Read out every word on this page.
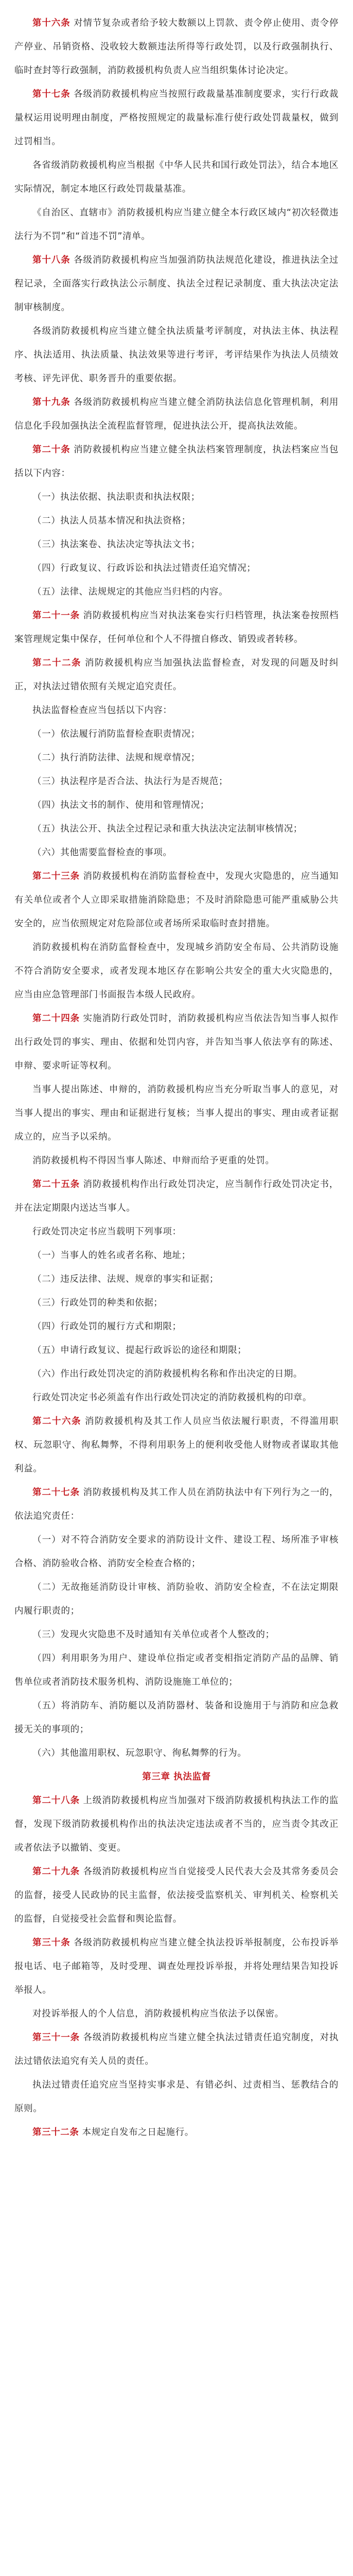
第十六条 对情节复杂或者给予较大数额以上罚款、责令停止使用、责令停产停业、吊销资格、没收较大数额违法所得等行政处罚，以及行政强制执行、临时查封等行政强制，消防救援机构负责人应当组织集体讨论决定。

第十七条 各级消防救援机构应当按照行政裁量基准制度要求，实行行政裁量权运用说明理由制度，严格按照规定的裁量标准行使行政处罚裁量权，做到过罚相当。

各省级消防救援机构应当根据《中华人民共和国行政处罚法》，结合本地区实际情况，制定本地区行政处罚裁量基准。

《自治区、直辖市》消防救援机构应当建立健全本行政区域内“初次轻微违法行为不罚”和“首违不罚”清单。

第十八条 各级消防救援机构应当加强消防执法规范化建设，推进执法全过程记录，全面落实行政执法公示制度、执法全过程记录制度、重大执法决定法制审核制度。

各级消防救援机构应当建立健全执法质量考评制度，对执法主体、执法程序、执法适用、执法质量、执法效果等进行考评，考评结果作为执法人员绩效考核、评先评优、职务晋升的重要依据。

第十九条 各级消防救援机构应当建立健全消防执法信息化管理机制，利用信息化手段加强执法全流程监督管理，促进执法公开，提高执法效能。

第二十条 消防救援机构应当建立健全执法档案管理制度，执法档案应当包括以下内容：

（一）执法依据、执法职责和执法权限；

（二）执法人员基本情况和执法资格；

（三）执法案卷、执法决定等执法文书；

（四）行政复议、行政诉讼和执法过错责任追究情况；

（五）法律、法规规定的其他应当归档的内容。

第二十一条 消防救援机构应当对执法案卷实行归档管理，执法案卷按照档案管理规定集中保存，任何单位和个人不得擅自修改、销毁或者转移。

第二十二条 消防救援机构应当加强执法监督检查，对发现的问题及时纠正，对执法过错依照有关规定追究责任。

执法监督检查应当包括以下内容：

（一）依法履行消防监督检查职责情况；

（二）执行消防法律、法规和规章情况；

（三）执法程序是否合法、执法行为是否规范；

（四）执法文书的制作、使用和管理情况；

（五）执法公开、执法全过程记录和重大执法决定法制审核情况；

（六）其他需要监督检查的事项。

第二十三条 消防救援机构在消防监督检查中，发现火灾隐患的，应当通知有关单位或者个人立即采取措施消除隐患；不及时消除隐患可能严重威胁公共安全的，应当依照规定对危险部位或者场所采取临时查封措施。

消防救援机构在消防监督检查中，发现城乡消防安全布局、公共消防设施不符合消防安全要求，或者发现本地区存在影响公共安全的重大火灾隐患的，应当由应急管理部门书面报告本级人民政府。

第二十四条 实施消防行政处罚时，消防救援机构应当依法告知当事人拟作出行政处罚的事实、理由、依据和处罚内容，并告知当事人依法享有的陈述、申辩、要求听证等权利。

当事人提出陈述、申辩的，消防救援机构应当充分听取当事人的意见，对当事人提出的事实、理由和证据进行复核；当事人提出的事实、理由或者证据成立的，应当予以采纳。

消防救援机构不得因当事人陈述、申辩而给予更重的处罚。

第二十五条 消防救援机构作出行政处罚决定，应当制作行政处罚决定书，并在法定期限内送达当事人。

行政处罚决定书应当载明下列事项：

（一）当事人的姓名或者名称、地址；

（二）违反法律、法规、规章的事实和证据；

（三）行政处罚的种类和依据；

（四）行政处罚的履行方式和期限；

（五）申请行政复议、提起行政诉讼的途径和期限；

（六）作出行政处罚决定的消防救援机构名称和作出决定的日期。

行政处罚决定书必须盖有作出行政处罚决定的消防救援机构的印章。

第二十六条 消防救援机构及其工作人员应当依法履行职责，不得滥用职权、玩忽职守、徇私舞弊，不得利用职务上的便利收受他人财物或者谋取其他利益。

第二十七条 消防救援机构及其工作人员在消防执法中有下列行为之一的，依法追究责任：

（一）对不符合消防安全要求的消防设计文件、建设工程、场所准予审核合格、消防验收合格、消防安全检查合格的；

（二）无故拖延消防设计审核、消防验收、消防安全检查，不在法定期限内履行职责的；

（三）发现火灾隐患不及时通知有关单位或者个人整改的；

（四）利用职务为用户、建设单位指定或者变相指定消防产品的品牌、销售单位或者消防技术服务机构、消防设施施工单位的；

（五）将消防车、消防艇以及消防器材、装备和设施用于与消防和应急救援无关的事项的；

（六）其他滥用职权、玩忽职守、徇私舞弊的行为。

第三章 执法监督

第二十八条 上级消防救援机构应当加强对下级消防救援机构执法工作的监督，发现下级消防救援机构作出的执法决定违法或者不当的，应当责令其改正或者依法予以撤销、变更。

第二十九条 各级消防救援机构应当自觉接受人民代表大会及其常务委员会的监督，接受人民政协的民主监督，依法接受监察机关、审判机关、检察机关的监督，自觉接受社会监督和舆论监督。

第三十条 各级消防救援机构应当建立健全执法投诉举报制度，公布投诉举报电话、电子邮箱等，及时受理、调查处理投诉举报，并将处理结果告知投诉举报人。

对投诉举报人的个人信息，消防救援机构应当依法予以保密。

第三十一条 各级消防救援机构应当建立健全执法过错责任追究制度，对执法过错依法追究有关人员的责任。

执法过错责任追究应当坚持实事求是、有错必纠、过责相当、惩教结合的原则。

第三十二条 本规定自发布之日起施行。
